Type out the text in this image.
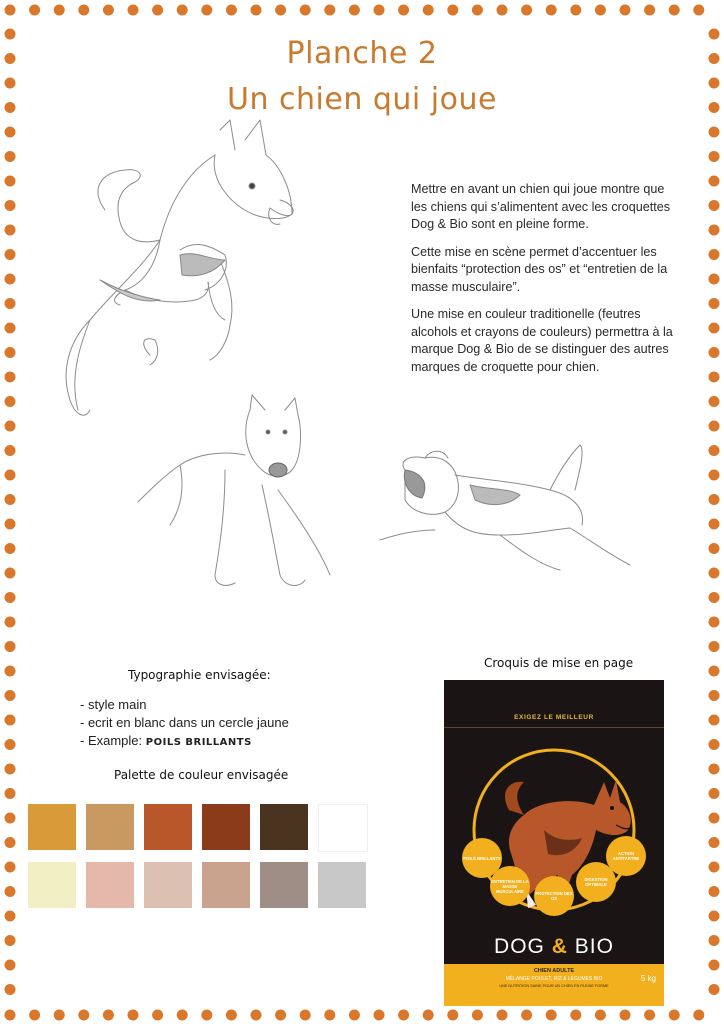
Planche 2
Un chien qui joue

Mettre en avant un chien qui joue montre que les chiens qui s’alimentent avec les croquettes Dog & Bio sont en pleine forme.

Cette mise en scène permet d’accentuer les bienfaits “protection des os” et “entretien de la masse musculaire”.

Une mise en couleur traditionelle (feutres alcohols et crayons de couleurs) permettra à la marque Dog & Bio de se distinguer des autres marques de croquette pour chien.

Typographie envisagée:
- style main
- ecrit en blanc dans un cercle jaune
- Example: POILS BRILLANTS
Palette de couleur envisagée
Croquis de mise en page
EXIGEZ LE MEILLEUR
POILS BRILLANTS
ENTRETIEN DE LA MASSE MUSCULAIRE	PROTECTION DES OS
DIGESTION OPTIMALE
ACTION ANTITARTRE
DOG & BIO
CHIEN ADULTE
MÉLANGE POULET, RIZ & LÉGUMES BIO
UNE NUTRITION SAINE POUR UN CHIEN EN PLEINE FORME
5 kg
